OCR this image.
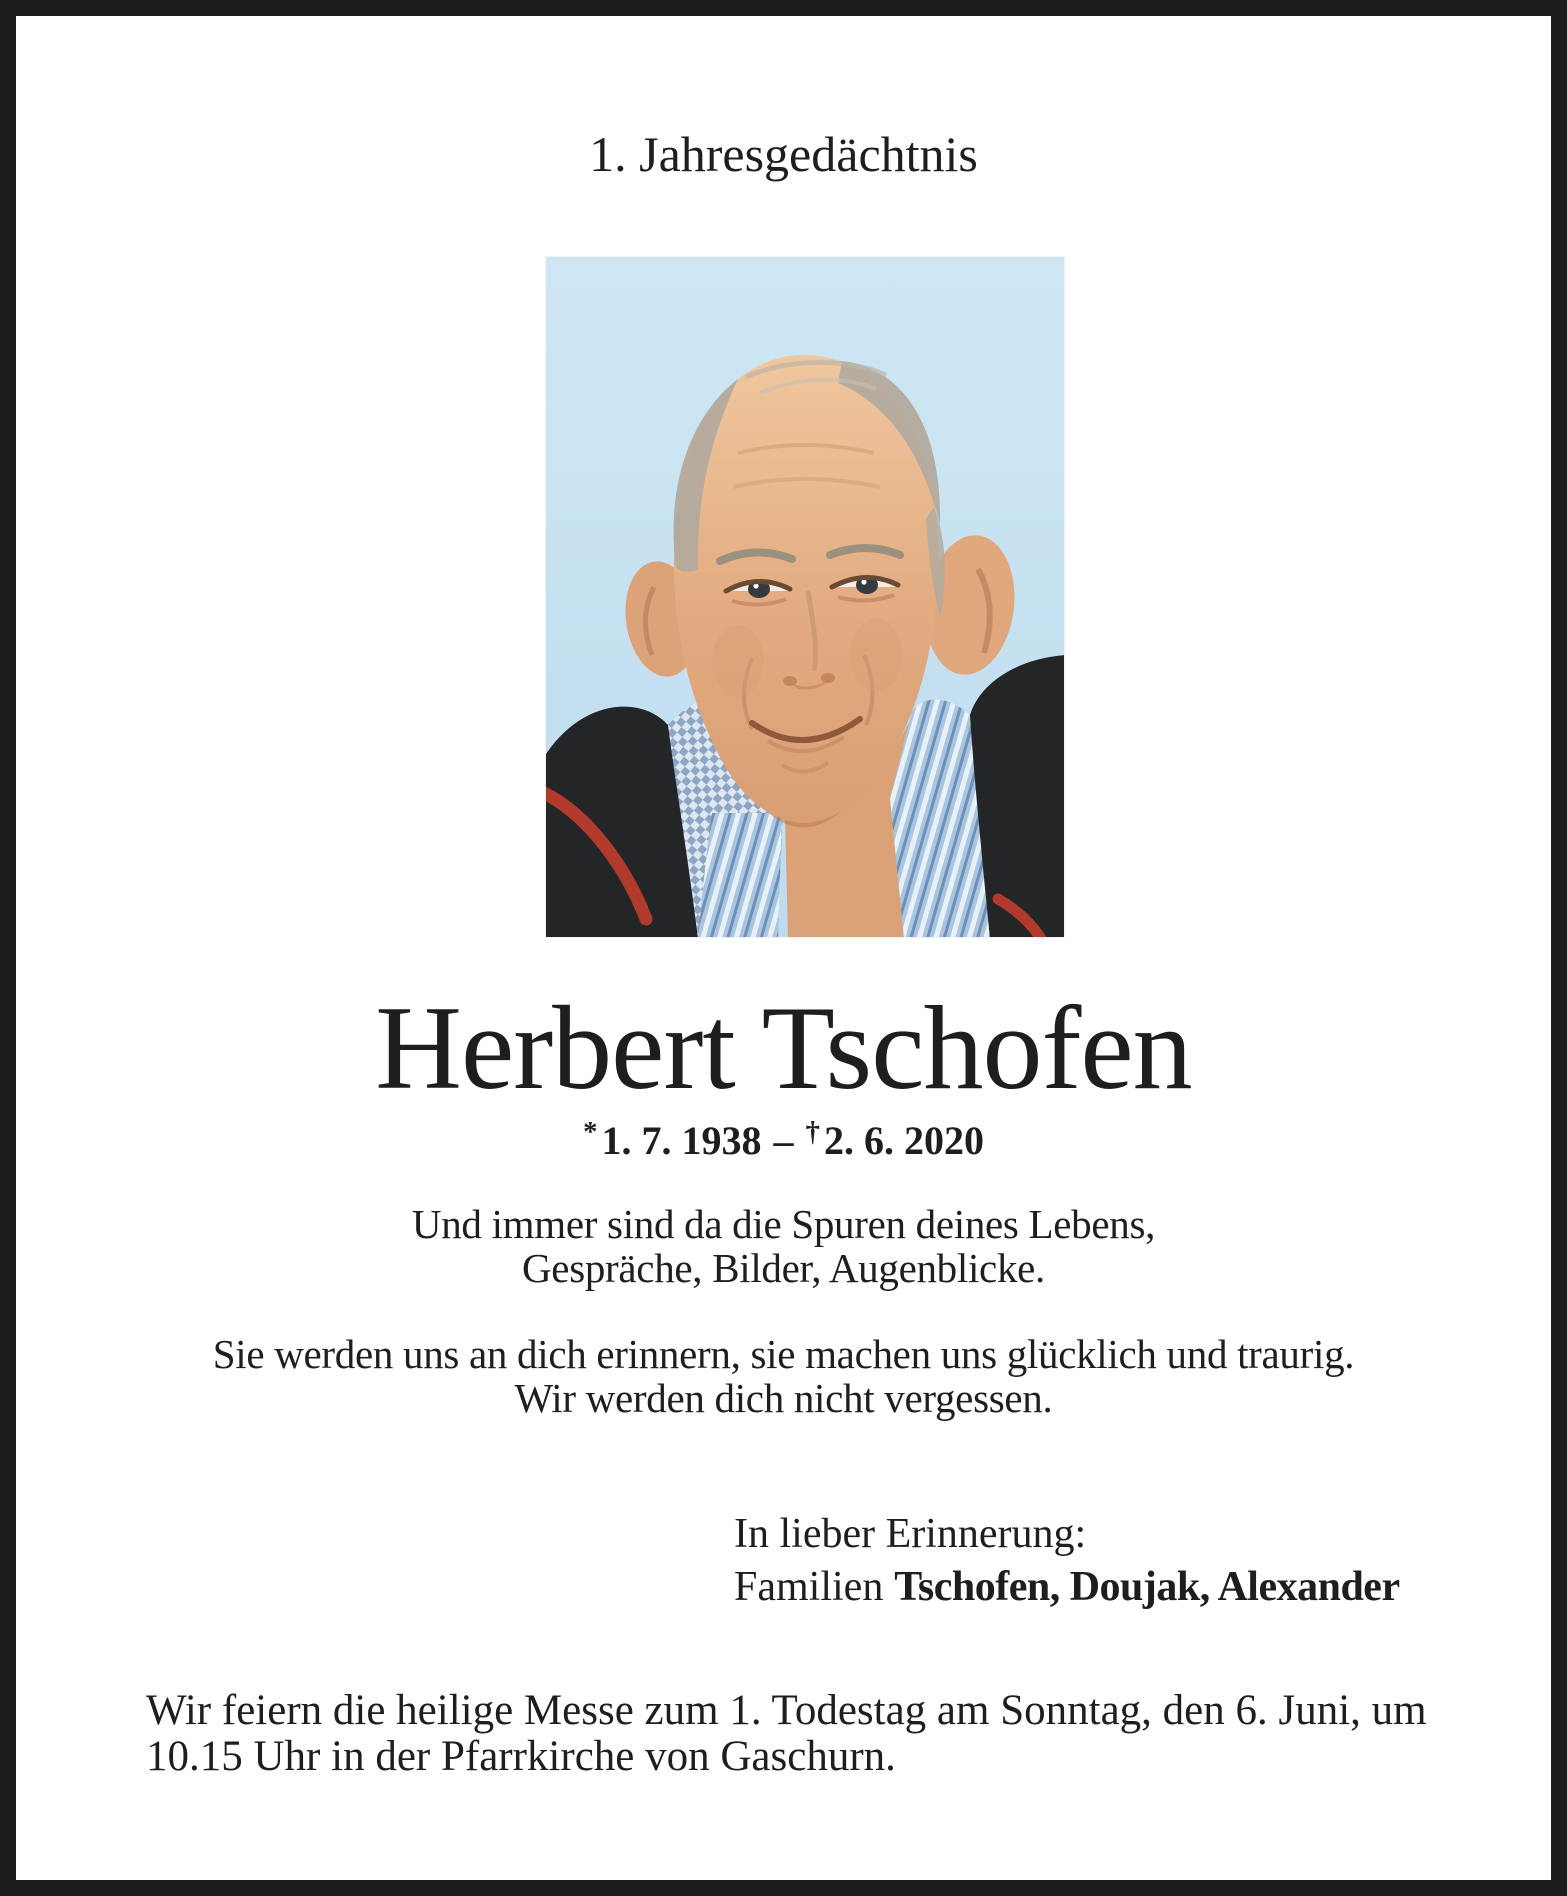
1. Jahresgedächtnis
Herbert Tschofen
* 1. 7. 1938 – † 2. 6. 2020
Und immer sind da die Spuren deines Lebens,
Gespräche, Bilder, Augenblicke.
Sie werden uns an dich erinnern, sie machen uns glücklich und traurig.
Wir werden dich nicht vergessen.
In lieber Erinnerung:
Familien Tschofen, Doujak, Alexander
Wir feiern die heilige Messe zum 1. Todestag am Sonntag, den 6. Juni, um
10.15 Uhr in der Pfarrkirche von Gaschurn.
